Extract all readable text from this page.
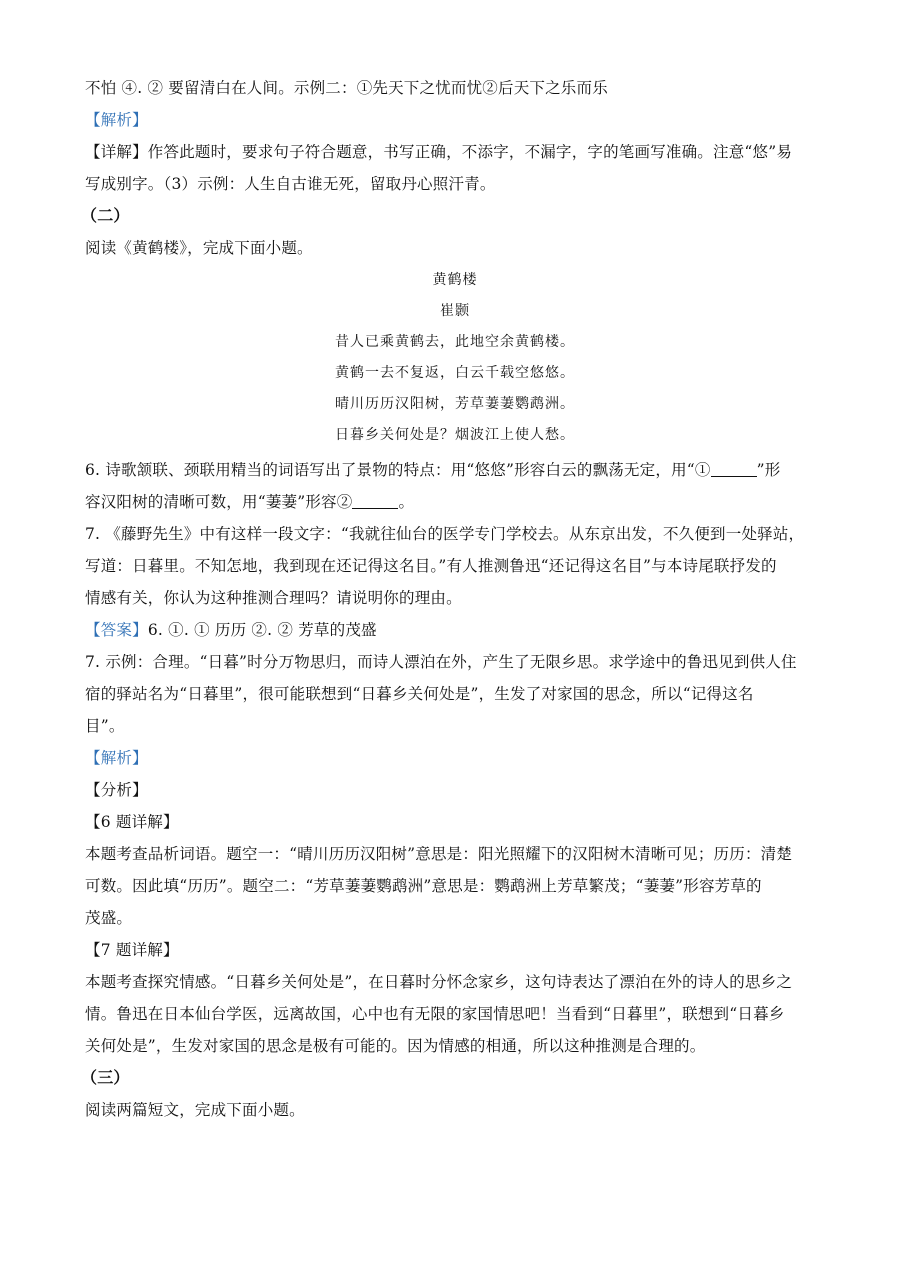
不怕 ④. ② 要留清白在人间。示例二：①先天下之忧而忧②后天下之乐而乐
【解析】
【详解】作答此题时，要求句子符合题意，书写正确，不添字，不漏字，字的笔画写准确。注意“悠”易
写成别字。（3）示例：人生自古谁无死，留取丹心照汗青。
（二）
阅读《黄鹤楼》，完成下面小题。
黄鹤楼
崔颢
昔人已乘黄鹤去，此地空余黄鹤楼。
黄鹤一去不复返，白云千载空悠悠。
晴川历历汉阳树，芳草萋萋鹦鹉洲。
日暮乡关何处是？烟波江上使人愁。
6. 诗歌颔联、颈联用精当的词语写出了景物的特点：用“悠悠”形容白云的飘荡无定，用“①	”形
容汉阳树的清晰可数，用“萋萋”形容②	。
7. 《藤野先生》中有这样一段文字：“我就往仙台的医学专门学校去。从东京出发，不久便到一处驿站，
写道：日暮里。不知怎地，我到现在还记得这名目。”有人推测鲁迅“还记得这名目”与本诗尾联抒发的
情感有关，你认为这种推测合理吗？请说明你的理由。
【答案】6. ①. ① 历历 ②. ② 芳草的茂盛
7. 示例：合理。“日暮”时分万物思归，而诗人漂泊在外，产生了无限乡思。求学途中的鲁迅见到供人住
宿的驿站名为“日暮里”，很可能联想到“日暮乡关何处是”，生发了对家国的思念，所以“记得这名
目”。
【解析】
【分析】
【6 题详解】
本题考查品析词语。题空一：“晴川历历汉阳树”意思是：阳光照耀下的汉阳树木清晰可见；历历：清楚
可数。因此填“历历”。题空二：“芳草萋萋鹦鹉洲”意思是：鹦鹉洲上芳草繁茂；“萋萋”形容芳草的
茂盛。
【7 题详解】
本题考查探究情感。“日暮乡关何处是”，在日暮时分怀念家乡，这句诗表达了漂泊在外的诗人的思乡之
情。鲁迅在日本仙台学医，远离故国，心中也有无限的家国情思吧！当看到“日暮里”，联想到“日暮乡
关何处是”，生发对家国的思念是极有可能的。因为情感的相通，所以这种推测是合理的。
（三）
阅读两篇短文，完成下面小题。
